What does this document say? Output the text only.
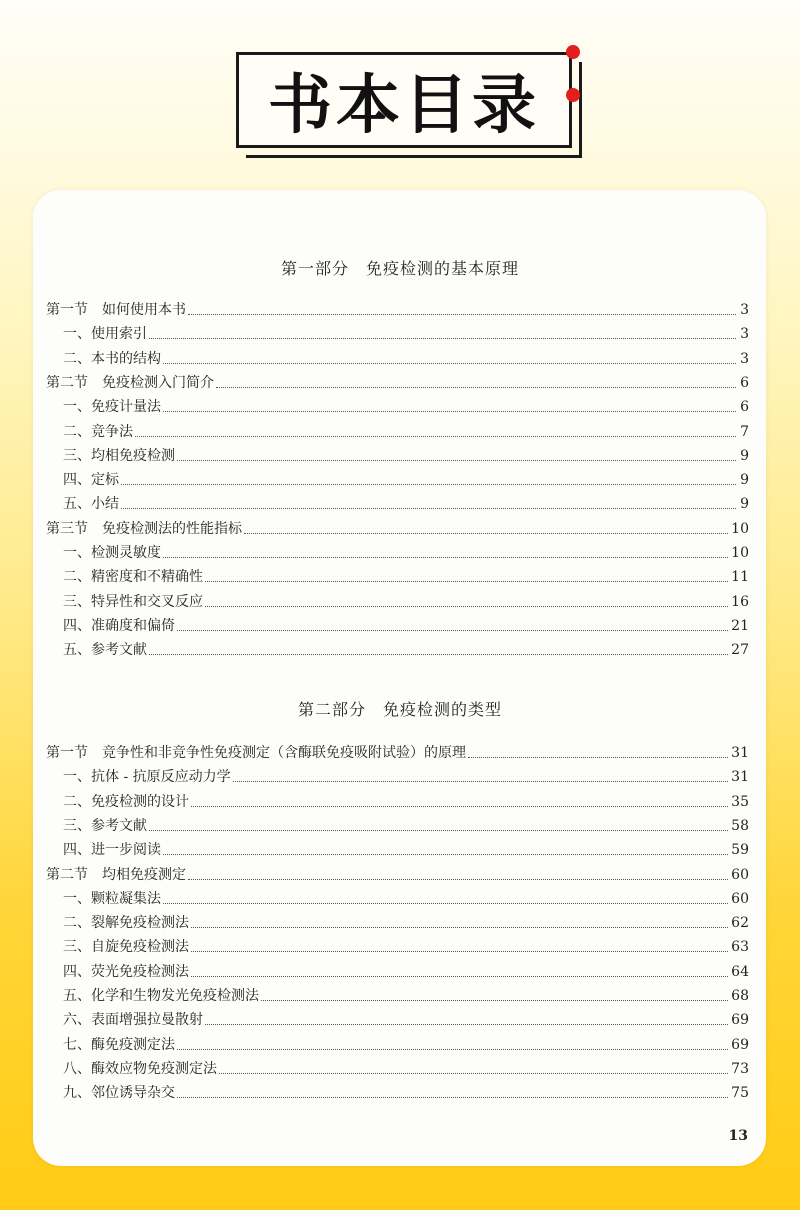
书本目录
第一部分　免疫检测的基本原理
第一节　如何使用本书	3
一、使用索引	3
二、本书的结构	3
第二节　免疫检测入门简介	6
一、免疫计量法	6
二、竞争法	7
三、均相免疫检测	9
四、定标	9
五、小结	9
第三节　免疫检测法的性能指标	10
一、检测灵敏度	10
二、精密度和不精确性	11
三、特异性和交叉反应	16
四、准确度和偏倚	21
五、参考文献	27
第二部分　免疫检测的类型
第一节　竞争性和非竞争性免疫测定（含酶联免疫吸附试验）的原理	31
一、抗体 - 抗原反应动力学	31
二、免疫检测的设计	35
三、参考文献	58
四、进一步阅读	59
第二节　均相免疫测定	60
一、颗粒凝集法	60
二、裂解免疫检测法	62
三、自旋免疫检测法	63
四、荧光免疫检测法	64
五、化学和生物发光免疫检测法	68
六、表面增强拉曼散射	69
七、酶免疫测定法	69
八、酶效应物免疫测定法	73
九、邻位诱导杂交	75
13
